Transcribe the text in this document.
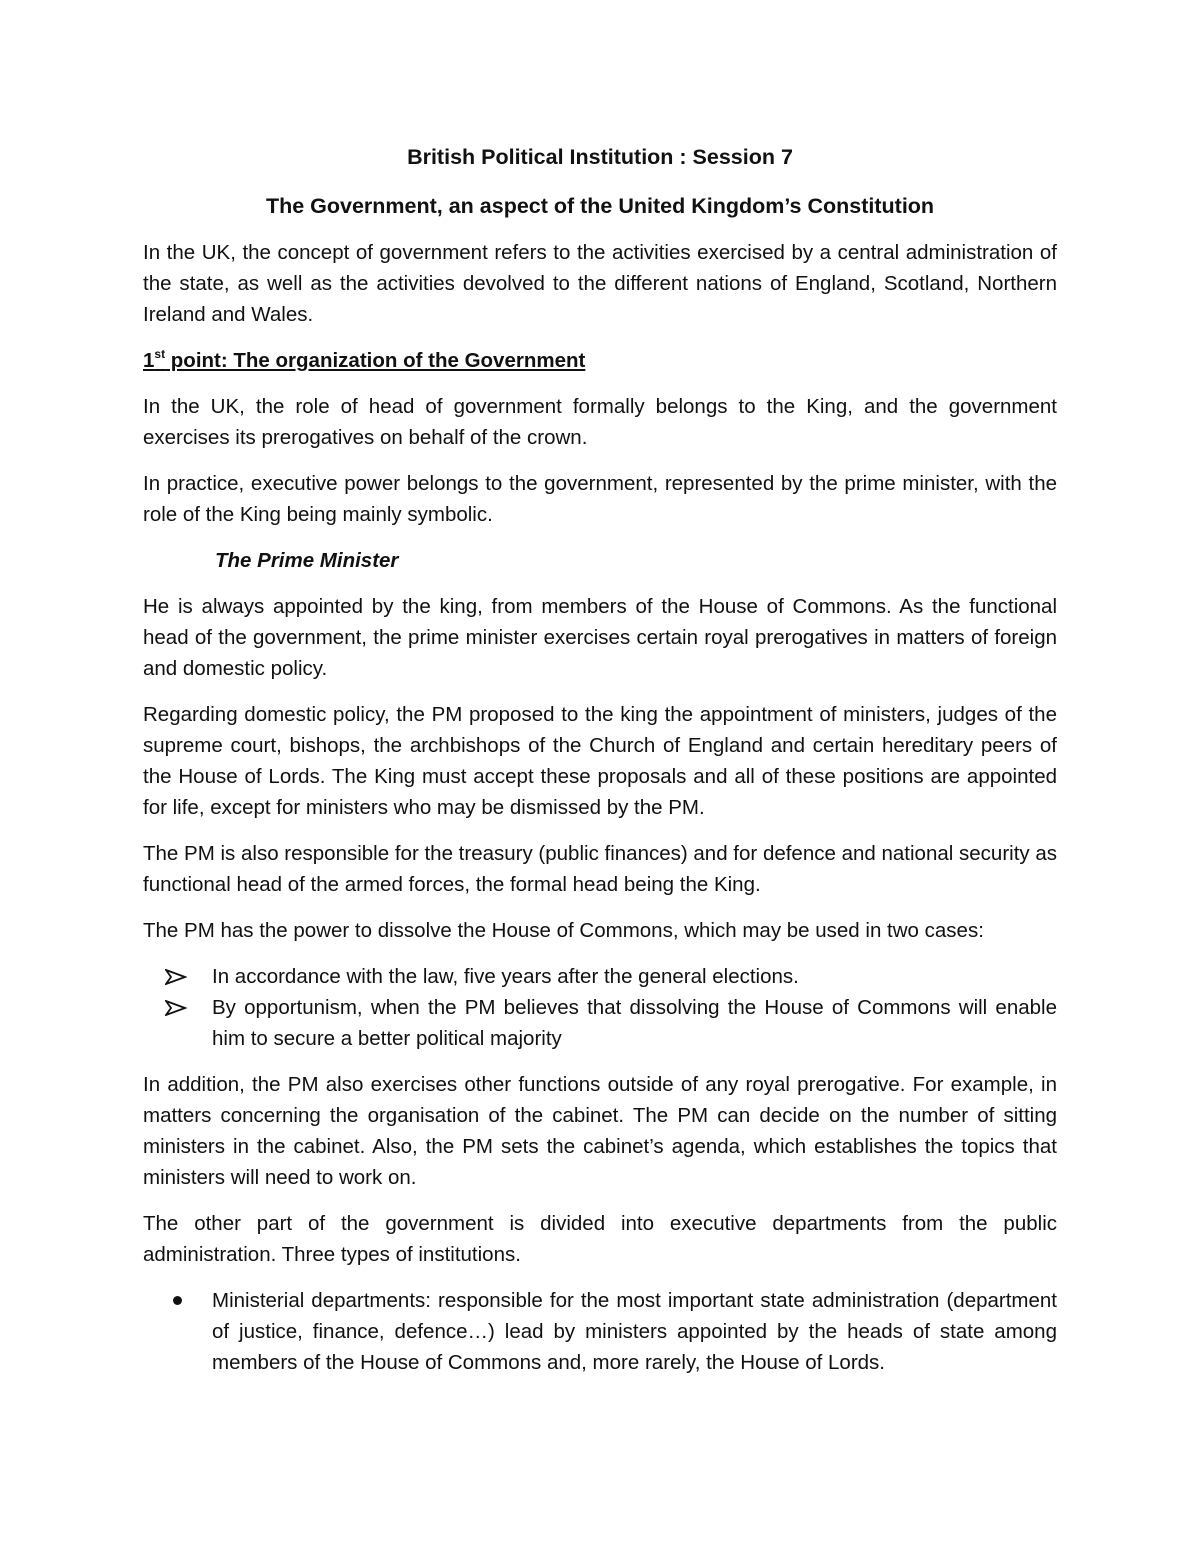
British Political Institution : Session 7
The Government, an aspect of the United Kingdom’s Constitution

In the UK, the concept of government refers to the activities exercised by a central administration of the state, as well as the activities devolved to the different nations of England, Scotland, Northern Ireland and Wales.

1st point: The organization of the Government

In the UK, the role of head of government formally belongs to the King, and the government exercises its prerogatives on behalf of the crown.

In practice, executive power belongs to the government, represented by the prime minister, with the role of the King being mainly symbolic.

The Prime Minister

He is always appointed by the king, from members of the House of Commons. As the functional head of the government, the prime minister exercises certain royal prerogatives in matters of foreign and domestic policy.

Regarding domestic policy, the PM proposed to the king the appointment of ministers, judges of the supreme court, bishops, the archbishops of the Church of England and certain hereditary peers of the House of Lords. The King must accept these proposals and all of these positions are appointed for life, except for ministers who may be dismissed by the PM.

The PM is also responsible for the treasury (public finances) and for defence and national security as functional head of the armed forces, the formal head being the King.

The PM has the power to dissolve the House of Commons, which may be used in two cases:

In accordance with the law, five years after the general elections.
By opportunism, when the PM believes that dissolving the House of Commons will enable him to secure a better political majority

In addition, the PM also exercises other functions outside of any royal prerogative. For example, in matters concerning the organisation of the cabinet. The PM can decide on the number of sitting ministers in the cabinet. Also, the PM sets the cabinet’s agenda, which establishes the topics that ministers will need to work on.

The other part of the government is divided into executive departments from the public administration. Three types of institutions.

Ministerial departments: responsible for the most important state administration (department of justice, finance, defence…) lead by ministers appointed by the heads of state among members of the House of Commons and, more rarely, the House of Lords.
